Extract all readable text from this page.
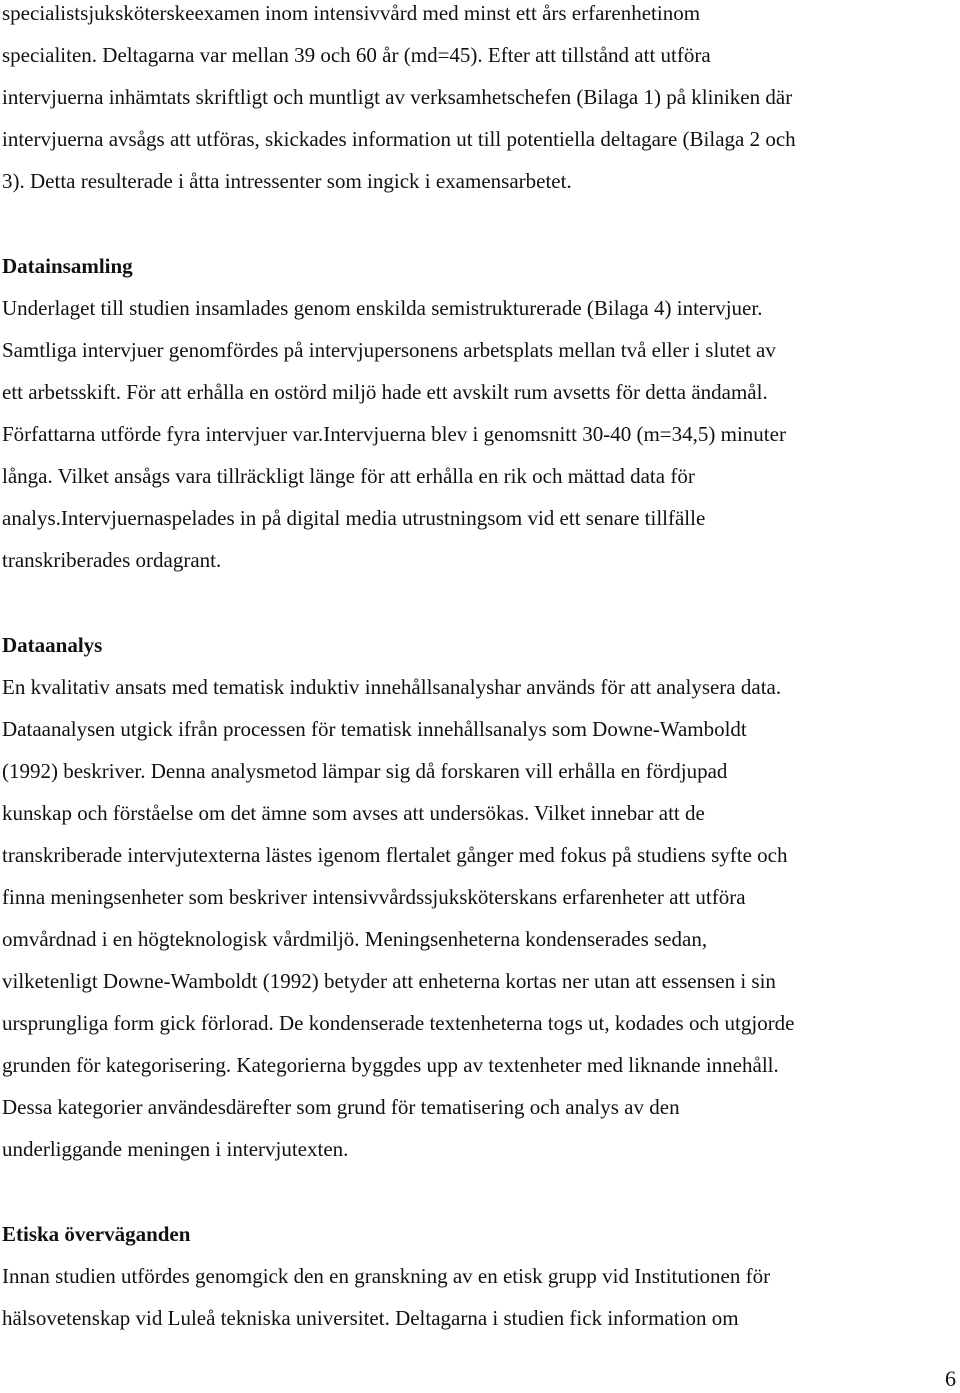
specialistsjuksköterskeexamen inom intensivvård med minst ett års erfarenhetinom
specialiten. Deltagarna var mellan 39 och 60 år (md=45). Efter att tillstånd att utföra
intervjuerna inhämtats skriftligt och muntligt av verksamhetschefen (Bilaga 1) på kliniken där
intervjuerna avsågs att utföras, skickades information ut till potentiella deltagare (Bilaga 2 och
3). Detta resulterade i åtta intressenter som ingick i examensarbetet.
Datainsamling
Underlaget till studien insamlades genom enskilda semistrukturerade (Bilaga 4) intervjuer.
Samtliga intervjuer genomfördes på intervjupersonens arbetsplats mellan två eller i slutet av
ett arbetsskift. För att erhålla en ostörd miljö hade ett avskilt rum avsetts för detta ändamål.
Författarna utförde fyra intervjuer var.Intervjuerna blev i genomsnitt 30-40 (m=34,5) minuter
långa. Vilket ansågs vara tillräckligt länge för att erhålla en rik och mättad data för
analys.Intervjuernaspelades in på digital media utrustningsom vid ett senare tillfälle
transkriberades ordagrant.
Dataanalys
En kvalitativ ansats med tematisk induktiv innehållsanalyshar används för att analysera data.
Dataanalysen utgick ifrån processen för tematisk innehållsanalys som Downe-Wamboldt
(1992) beskriver. Denna analysmetod lämpar sig då forskaren vill erhålla en fördjupad
kunskap och förståelse om det ämne som avses att undersökas. Vilket innebar att de
transkriberade intervjutexterna lästes igenom flertalet gånger med fokus på studiens syfte och
finna meningsenheter som beskriver intensivvårdssjuksköterskans erfarenheter att utföra
omvårdnad i en högteknologisk vårdmiljö. Meningsenheterna kondenserades sedan,
vilketenligt Downe-Wamboldt (1992) betyder att enheterna kortas ner utan att essensen i sin
ursprungliga form gick förlorad. De kondenserade textenheterna togs ut, kodades och utgjorde
grunden för kategorisering. Kategorierna byggdes upp av textenheter med liknande innehåll.
Dessa kategorier användesdärefter som grund för tematisering och analys av den
underliggande meningen i intervjutexten.
Etiska överväganden
Innan studien utfördes genomgick den en granskning av en etisk grupp vid Institutionen för
hälsovetenskap vid Luleå tekniska universitet. Deltagarna i studien fick information om
6
